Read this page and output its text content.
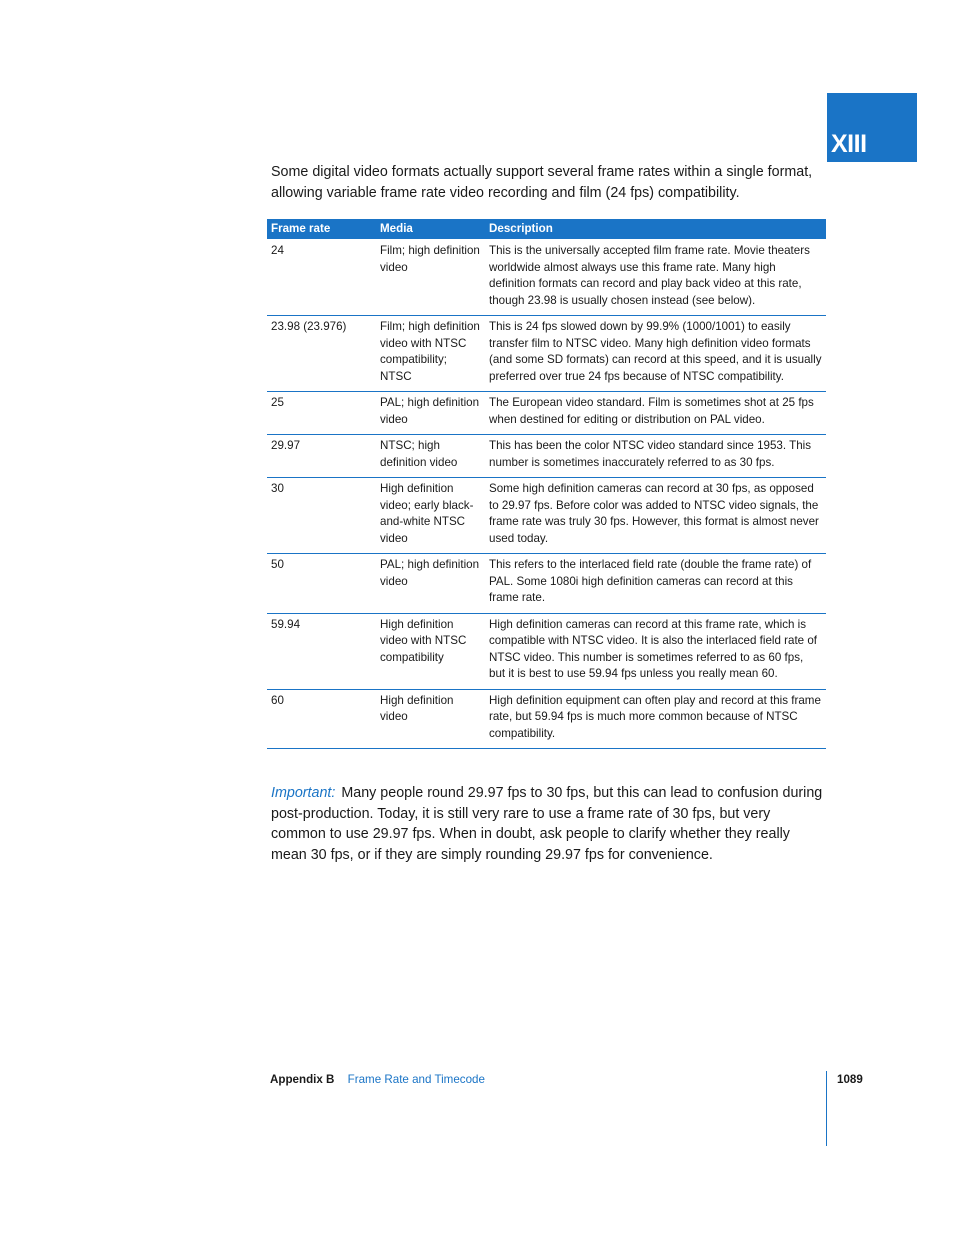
XIII

Some digital video formats actually support several frame rates within a single format, allowing variable frame rate video recording and film (24 fps) compatibility.

Frame rate	Media	Description
24	Film; high definition video	This is the universally accepted film frame rate. Movie theaters worldwide almost always use this frame rate. Many high definition formats can record and play back video at this rate, though 23.98 is usually chosen instead (see below).
23.98 (23.976)	Film; high definition video with NTSC compatibility; NTSC	This is 24 fps slowed down by 99.9% (1000/1001) to easily transfer film to NTSC video. Many high definition video formats (and some SD formats) can record at this speed, and it is usually preferred over true 24 fps because of NTSC compatibility.
25	PAL; high definition video	The European video standard. Film is sometimes shot at 25 fps when destined for editing or distribution on PAL video.
29.97	NTSC; high definition video	This has been the color NTSC video standard since 1953. This number is sometimes inaccurately referred to as 30 fps.
30	High definition video; early black-and-white NTSC video	Some high definition cameras can record at 30 fps, as opposed to 29.97 fps. Before color was added to NTSC video signals, the frame rate was truly 30 fps. However, this format is almost never used today.
50	PAL; high definition video	This refers to the interlaced field rate (double the frame rate) of PAL. Some 1080i high definition cameras can record at this frame rate.
59.94	High definition video with NTSC compatibility	High definition cameras can record at this frame rate, which is compatible with NTSC video. It is also the interlaced field rate of NTSC video. This number is sometimes referred to as 60 fps, but it is best to use 59.94 fps unless you really mean 60.
60	High definition video	High definition equipment can often play and record at this frame rate, but 59.94 fps is much more common because of NTSC compatibility.

Important: Many people round 29.97 fps to 30 fps, but this can lead to confusion during post-production. Today, it is still very rare to use a frame rate of 30 fps, but very common to use 29.97 fps. When in doubt, ask people to clarify whether they really mean 30 fps, or if they are simply rounding 29.97 fps for convenience.

Appendix B Frame Rate and Timecode	1089
